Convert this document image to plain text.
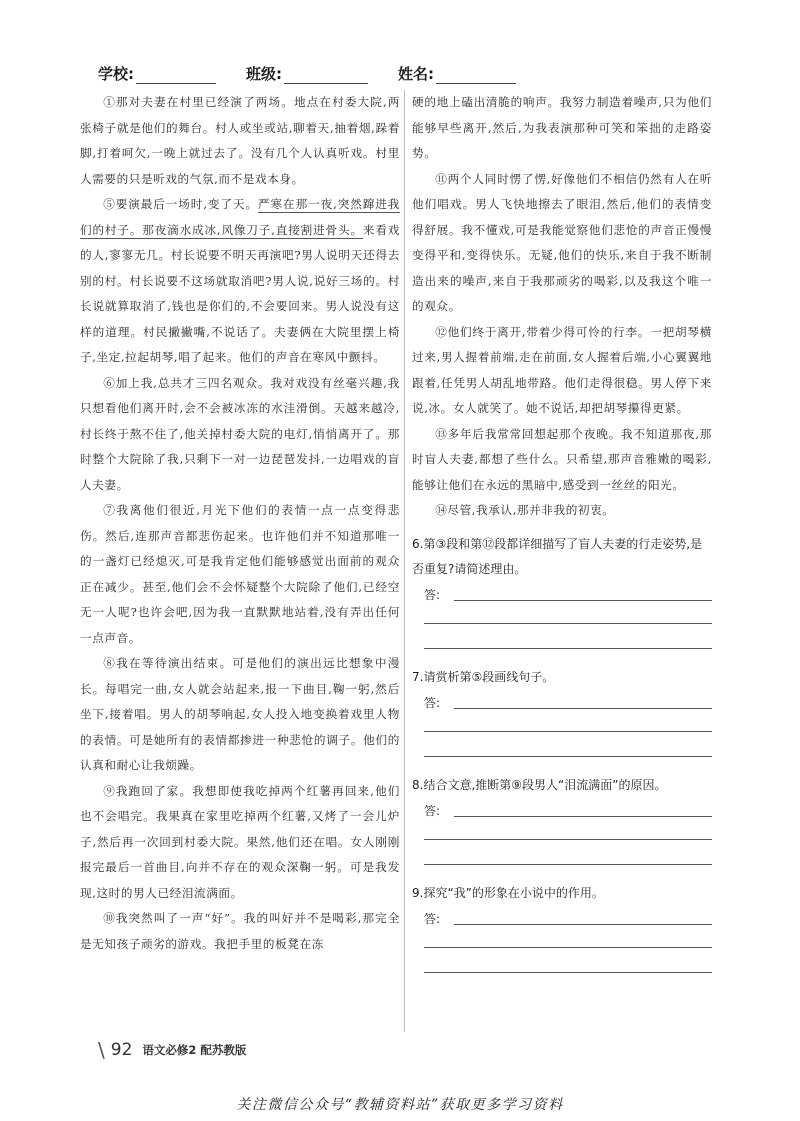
学校:	班级:	姓名:

①那对夫妻在村里已经演了两场。地点在村委大院,两张椅子就是他们的舞台。村人或坐或站,聊着天,抽着烟,跺着脚,打着呵欠,一晚上就过去了。没有几个人认真听戏。村里人需要的只是听戏的气氛,而不是戏本身。

⑤要演最后一场时,变了天。严寒在那一夜,突然蹿进我们的村子。那夜滴水成冰,风像刀子,直接割进骨头。来看戏的人,寥寥无几。村长说要不明天再演吧?男人说明天还得去别的村。村长说要不这场就取消吧?男人说,说好三场的。村长说就算取消了,钱也是你们的,不会要回来。男人说没有这样的道理。村民撇撇嘴,不说话了。夫妻俩在大院里摆上椅子,坐定,拉起胡琴,唱了起来。他们的声音在寒风中颤抖。

⑥加上我,总共才三四名观众。我对戏没有丝毫兴趣,我只想看他们离开时,会不会被冰冻的水洼滑倒。天越来越冷,村长终于熬不住了,他关掉村委大院的电灯,悄悄离开了。那时整个大院除了我,只剩下一对一边琵琶发抖,一边唱戏的盲人夫妻。

⑦我离他们很近,月光下他们的表情一点一点变得悲伤。然后,连那声音都悲伤起来。也许他们并不知道那唯一的一盏灯已经熄灭,可是我肯定他们能够感觉出面前的观众正在减少。甚至,他们会不会怀疑整个大院除了他们,已经空无一人呢?也许会吧,因为我一直默默地站着,没有弄出任何一点声音。

⑧我在等待演出结束。可是他们的演出远比想象中漫长。每唱完一曲,女人就会站起来,报一下曲目,鞠一躬,然后坐下,接着唱。男人的胡琴响起,女人投入地变换着戏里人物的表情。可是她所有的表情都掺进一种悲怆的调子。他们的认真和耐心让我烦躁。

⑨我跑回了家。我想即使我吃掉两个红薯再回来,他们也不会唱完。我果真在家里吃掉两个红薯,又烤了一会儿炉子,然后再一次回到村委大院。果然,他们还在唱。女人刚刚报完最后一首曲目,向并不存在的观众深鞠一躬。可是我发现,这时的男人已经泪流满面。

⑩我突然叫了一声“好”。我的叫好并不是喝彩,那完全是无知孩子顽劣的游戏。我把手里的板凳在冻

硬的地上磕出清脆的响声。我努力制造着噪声,只为他们能够早些离开,然后,为我表演那种可笑和笨拙的走路姿势。

⑪两个人同时愣了愣,好像他们不相信仍然有人在听他们唱戏。男人飞快地擦去了眼泪,然后,他们的表情变得舒展。我不懂戏,可是我能觉察他们悲怆的声音正慢慢变得平和,变得快乐。无疑,他们的快乐,来自于我不断制造出来的噪声,来自于我那顽劣的喝彩,以及我这个唯一的观众。

⑫他们终于离开,带着少得可怜的行李。一把胡琴横过来,男人握着前端,走在前面,女人握着后端,小心翼翼地跟着,任凭男人胡乱地带路。他们走得很稳。男人停下来说,冰。女人就笑了。她不说话,却把胡琴攥得更紧。

⑬多年后我常常回想起那个夜晚。我不知道那夜,那时盲人夫妻,都想了些什么。只希望,那声音雅嫩的喝彩,能够让他们在永远的黑暗中,感受到一丝丝的阳光。

⑭尽管,我承认,那并非我的初衷。

6.第③段和第⑫段都详细描写了盲人夫妻的行走姿势,是否重复?请简述理由。

答:

7.请赏析第⑤段画线句子。

答:

8.结合文意,推断第⑨段男人“泪流满面”的原因。

答:

9.探究“我”的形象在小说中的作用。

答:
\ 92 语文必修2 配苏教版
关注微信公众号“教辅资料站”获取更多学习资料
